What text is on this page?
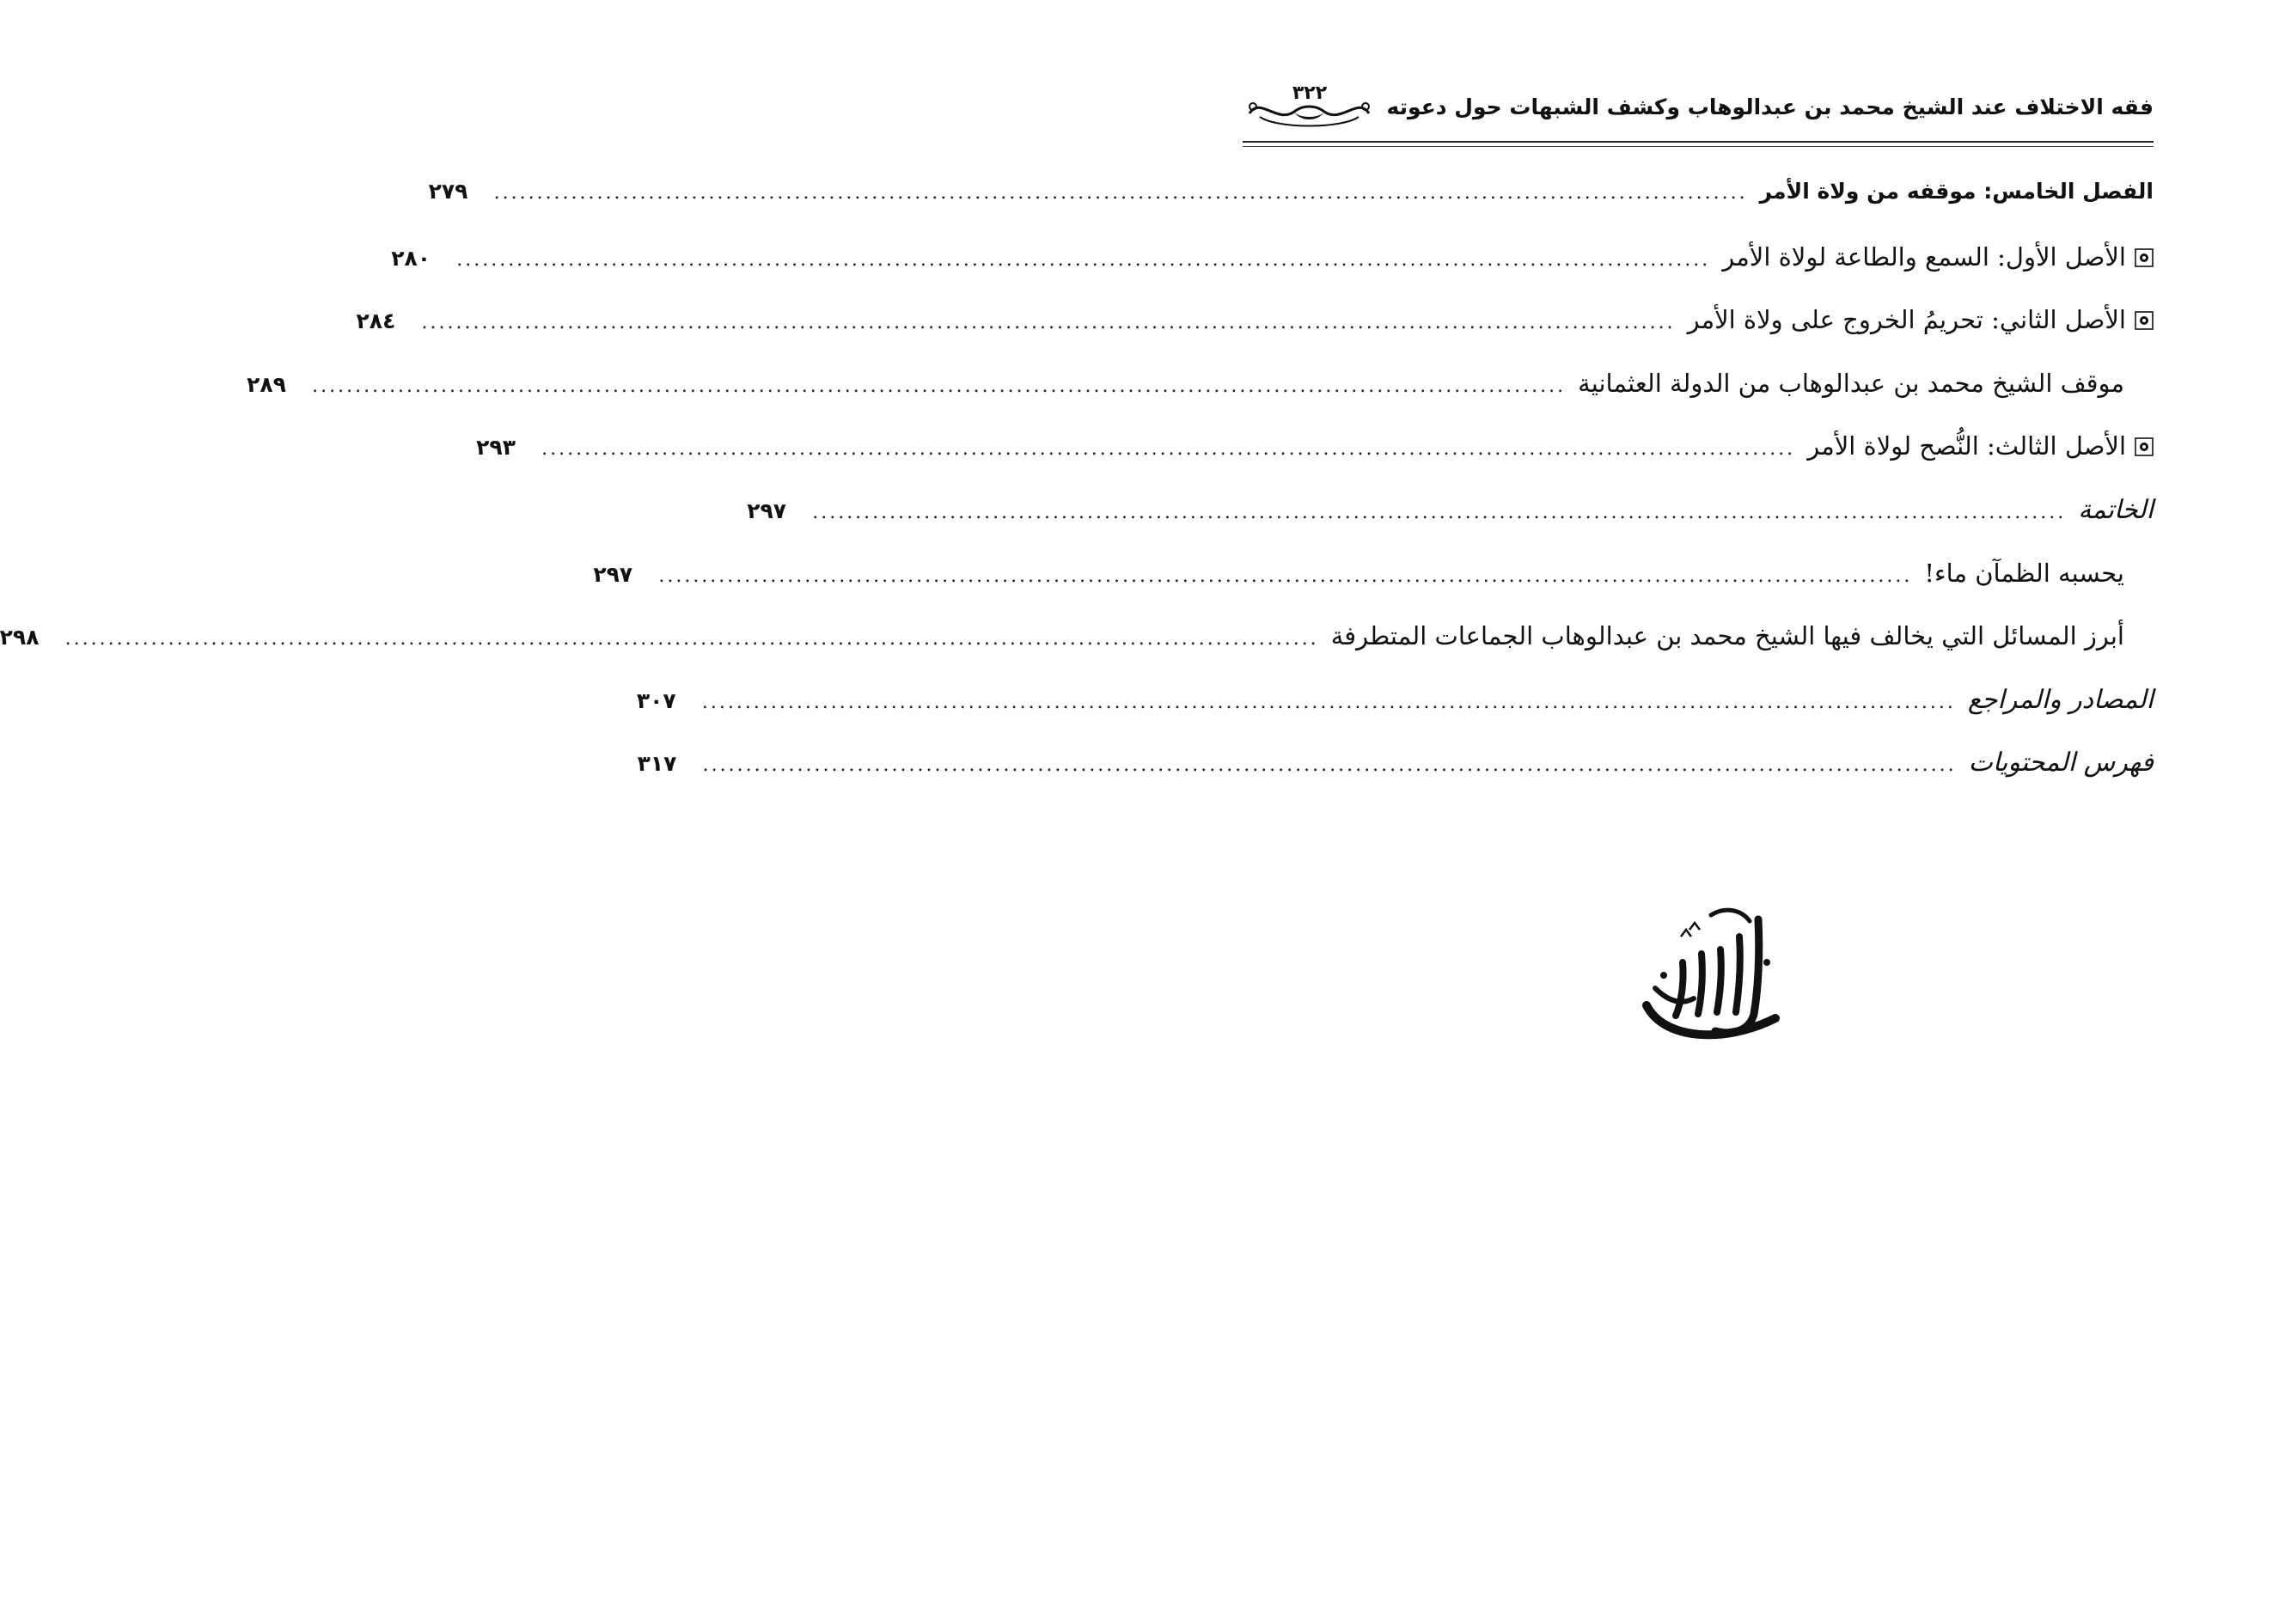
فقه الاختلاف عند الشيخ محمد بن عبدالوهاب وكشف الشبهات حول دعوته
٣٢٢
الفصل الخامس: موقفه من ولاة الأمر
..................................................................................................................................................
٢٧٩
الأصل الأول: السمع والطاعة لولاة الأمر
..................................................................................................................................................
٢٨٠
الأصل الثاني: تحريمُ الخروج على ولاة الأمر
..................................................................................................................................................
٢٨٤
موقف الشيخ محمد بن عبدالوهاب من الدولة العثمانية
..................................................................................................................................................
٢٨٩
الأصل الثالث: النُّصح لولاة الأمر
..................................................................................................................................................
٢٩٣
الخاتمة
..................................................................................................................................................
٢٩٧
يحسبه الظمآن ماء!
..................................................................................................................................................
٢٩٧
أبرز المسائل التي يخالف فيها الشيخ محمد بن عبدالوهاب الجماعات المتطرفة
..................................................................................................................................................
٢٩٨
المصادر والمراجع
..................................................................................................................................................
٣٠٧
فهرس المحتويات
..................................................................................................................................................
٣١٧
